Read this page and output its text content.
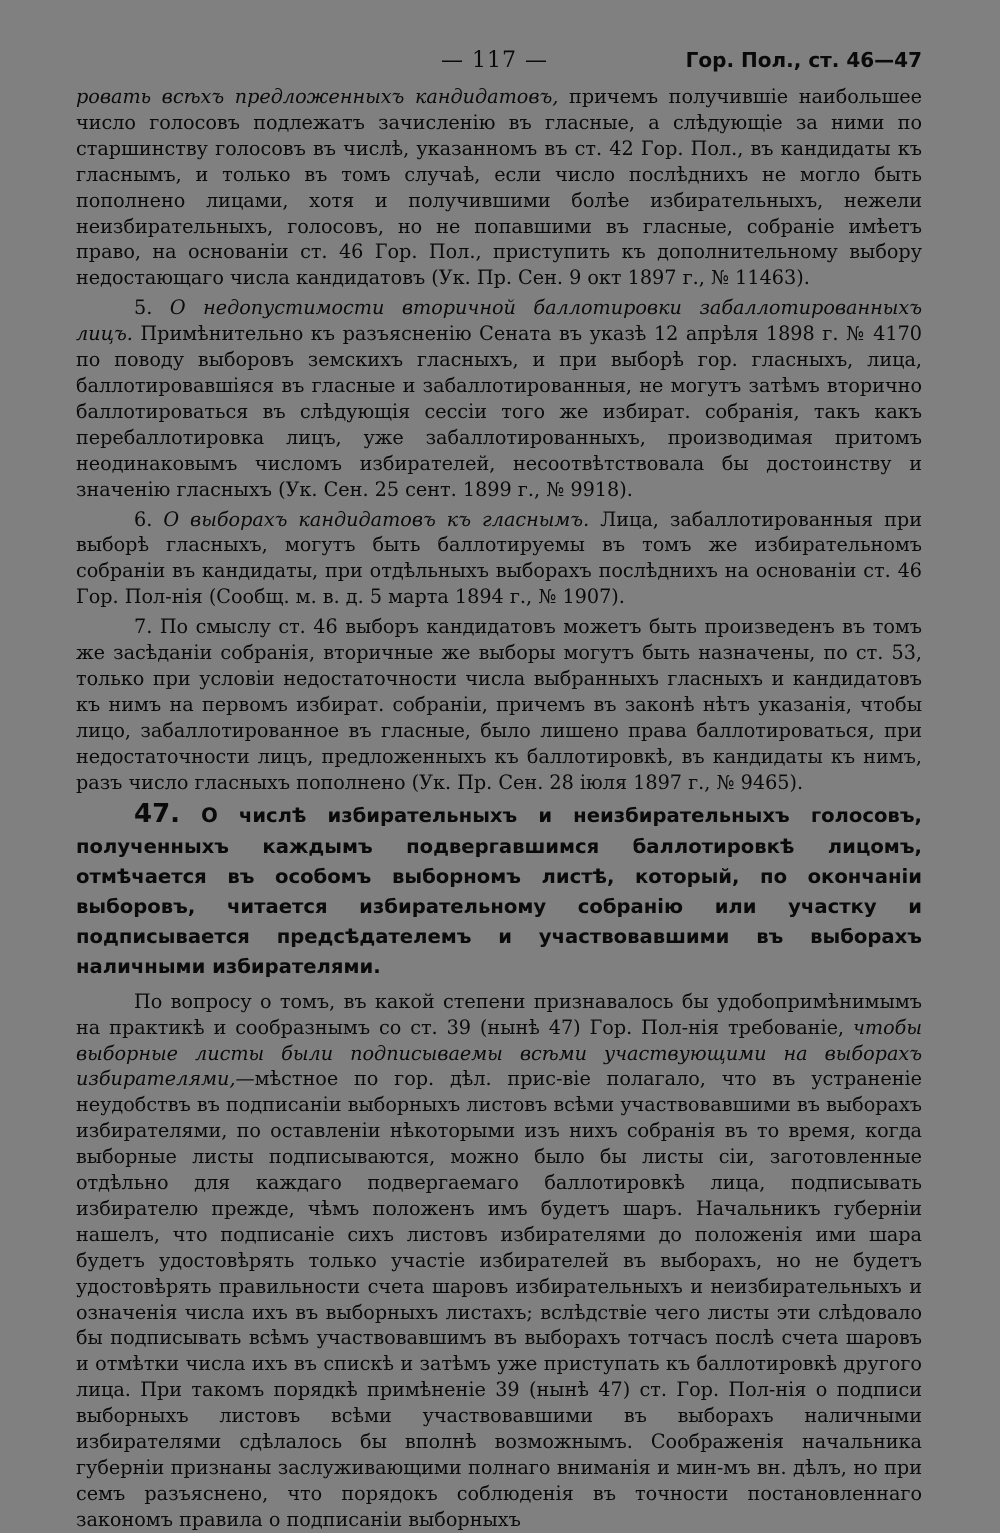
— 117 —	Гор. Пол., ст. 46—47

ровать всѣхъ предложенныхъ кандидатовъ, причемъ получившіе наибольшее число голосовъ подлежатъ зачисленію въ гласные, а слѣдующіе за ними по старшинству голосовъ въ числѣ, указанномъ въ ст. 42 Гор. Пол., въ кандидаты къ гласнымъ, и только въ томъ случаѣ, если число послѣднихъ не могло быть пополнено лицами, хотя и получившими болѣе избирательныхъ, нежели неизбирательныхъ, голосовъ, но не попавшими въ гласные, собраніе имѣетъ право, на основаніи ст. 46 Гор. Пол., приступить къ дополнительному выбору недостающаго числа кандидатовъ (Ук. Пр. Сен. 9 окт 1897 г., № 11463).

5. О недопустимости вторичной баллотировки забаллотированныхъ лицъ. Примѣнительно къ разъясненію Сената въ указѣ 12 апрѣля 1898 г. № 4170 по поводу выборовъ земскихъ гласныхъ, и при выборѣ гор. гласныхъ, лица, баллотировавшіяся въ гласные и забаллотированныя, не могутъ затѣмъ вторично баллотироваться въ слѣдующія сессіи того же избират. собранія, такъ какъ перебаллотировка лицъ, уже забаллотированныхъ, производимая притомъ неодинаковымъ числомъ избирателей, несоотвѣтствовала бы достоинству и значенію гласныхъ (Ук. Сен. 25 сент. 1899 г., № 9918).

6. О выборахъ кандидатовъ къ гласнымъ. Лица, забаллотированныя при выборѣ гласныхъ, могутъ быть баллотируемы въ томъ же избирательномъ собраніи въ кандидаты, при отдѣльныхъ выборахъ послѣднихъ на основаніи ст. 46 Гор. Пол-нія (Сообщ. м. в. д. 5 марта 1894 г., № 1907).

7. По смыслу ст. 46 выборъ кандидатовъ можетъ быть произведенъ въ томъ же засѣданіи собранія, вторичные же выборы могутъ быть назначены, по ст. 53, только при условіи недостаточности числа выбранныхъ гласныхъ и кандидатовъ къ нимъ на первомъ избират. собраніи, причемъ въ законѣ нѣтъ указанія, чтобы лицо, забаллотированное въ гласные, было лишено права баллотироваться, при недостаточности лицъ, предложенныхъ къ баллотировкѣ, въ кандидаты къ нимъ, разъ число гласныхъ пополнено (Ук. Пр. Сен. 28 іюля 1897 г., № 9465).

47. О числѣ избирательныхъ и неизбирательныхъ голосовъ, полученныхъ каждымъ подвергавшимся баллотировкѣ лицомъ, отмѣчается въ особомъ выборномъ листѣ, который, по окончаніи выборовъ, читается избирательному собранію или участку и подписывается предсѣдателемъ и участвовавшими въ выборахъ наличными избирателями.

По вопросу о томъ, въ какой степени признавалось бы удобопримѣнимымъ на практикѣ и сообразнымъ со ст. 39 (нынѣ 47) Гор. Пол-нія требованіе, чтобы выборные листы были подписываемы всѣми участвующими на выборахъ избирателями,—мѣстное по гор. дѣл. прис-віе полагало, что въ устраненіе неудобствъ въ подписаніи выборныхъ листовъ всѣми участвовавшими въ выборахъ избирателями, по оставленіи нѣкоторыми изъ нихъ собранія въ то время, когда выборные листы подписываются, можно было бы листы сіи, заготовленные отдѣльно для каждаго подвергаемаго баллотировкѣ лица, подписывать избирателю прежде, чѣмъ положенъ имъ будетъ шаръ. Начальникъ губерніи нашелъ, что подписаніе сихъ листовъ избирателями до положенія ими шара будетъ удостовѣрять только участіе избирателей въ выборахъ, но не будетъ удостовѣрять правильности счета шаровъ избирательныхъ и неизбирательныхъ и означенія числа ихъ въ выборныхъ листахъ; вслѣдствіе чего листы эти слѣдовало бы подписывать всѣмъ участвовавшимъ въ выборахъ тотчасъ послѣ счета шаровъ и отмѣтки числа ихъ въ спискѣ и затѣмъ уже приступать къ баллотировкѣ другого лица. При такомъ порядкѣ примѣненіе 39 (нынѣ 47) ст. Гор. Пол-нія о подписи выборныхъ листовъ всѣми участвовавшими въ выборахъ наличными избирателями сдѣлалось бы вполнѣ возможнымъ. Соображенія начальника губерніи признаны заслуживающими полнаго вниманія и мин-мъ вн. дѣлъ, но при семъ разъяснено, что порядокъ соблюденія въ точности постановленнаго закономъ правила о подписаніи выборныхъ
